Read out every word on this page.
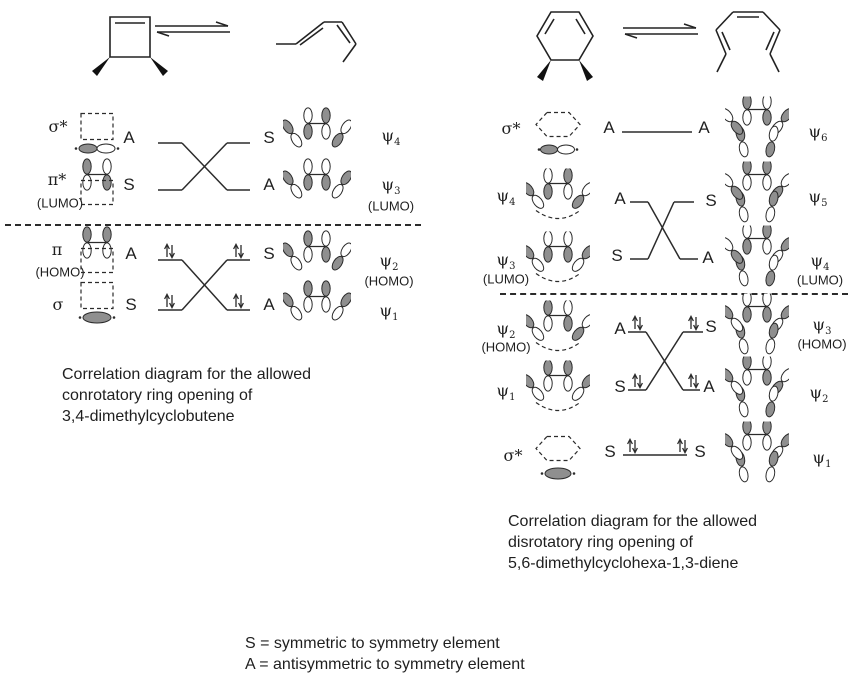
σ*
π*
(LUMO)
π
(HOMO)
σ
A
S
A
S
S
A
S
A
$\psi_4$
$\psi_3$
(LUMO)
$\psi_2$
(HOMO)
$\psi_1$
Correlation diagram for the allowed
conrotatory ring opening of
3,4-dimethylcyclobutene
σ*
$\psi_4$
$\psi_3$
(LUMO)
$\psi_2$
(HOMO)
$\psi_1$
σ*
A	A
A	S
S	A
A	S
S	A
S	S
$\psi_6$
$\psi_5$
$\psi_4$
(LUMO)
$\psi_3$
(HOMO)
$\psi_2$
$\psi_1$
Correlation diagram for the allowed
disrotatory ring opening of
5,6-dimethylcyclohexa-1,3-diene
S = symmetric to symmetry element
A = antisymmetric to symmetry element
